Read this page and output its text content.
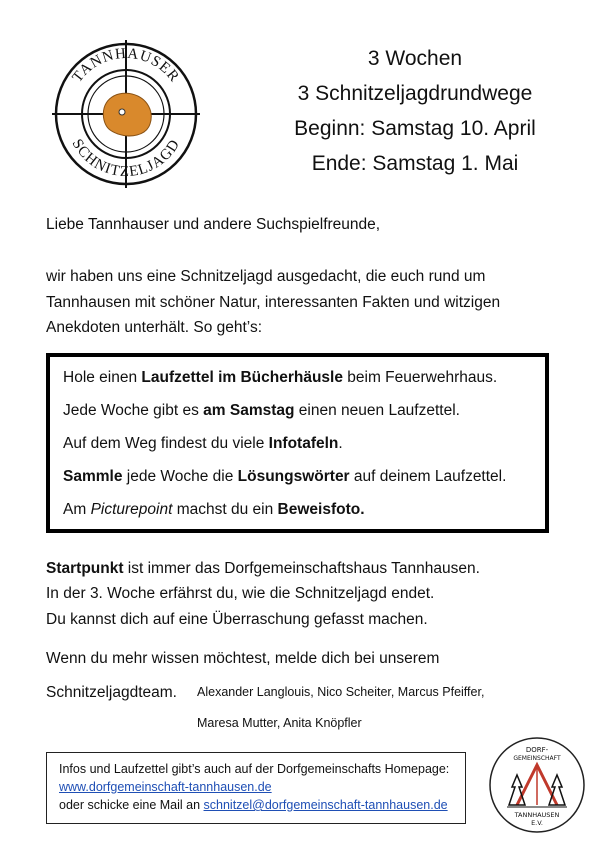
TANNHAUSER
SCHNITZELJAGD
3 Wochen
3 Schnitzeljagdrundwege
Beginn: Samstag 10. April
Ende: Samstag 1. Mai
Liebe Tannhauser und andere Suchspielfreunde,
wir haben uns eine Schnitzeljagd ausgedacht, die euch rund um
Tannhausen mit schöner Natur, interessanten Fakten und witzigen
Anekdoten unterhält. So geht’s:
Hole einen Laufzettel im Bücherhäusle beim Feuerwehrhaus.
Jede Woche gibt es am Samstag einen neuen Laufzettel.
Auf dem Weg findest du viele Infotafeln.
Sammle jede Woche die Lösungswörter auf deinem Laufzettel.
Am Picturepoint machst du ein Beweisfoto.
Startpunkt ist immer das Dorfgemeinschaftshaus Tannhausen.
In der 3. Woche erfährst du, wie die Schnitzeljagd endet.
Du kannst dich auf eine Überraschung gefasst machen.
Wenn du mehr wissen möchtest, melde dich bei unserem
Schnitzeljagdteam. Alexander Langlouis, Nico Scheiter, Marcus Pfeiffer,
Maresa Mutter, Anita Knöpfler
Infos und Laufzettel gibt’s auch auf der Dorfgemeinschafts Homepage:
www.dorfgemeinschaft-tannhausen.de
oder schicke eine Mail an schnitzel@dorfgemeinschaft-tannhausen.de
DORF-
GEMEINSCHAFT
TANNHAUSEN
E.V.
